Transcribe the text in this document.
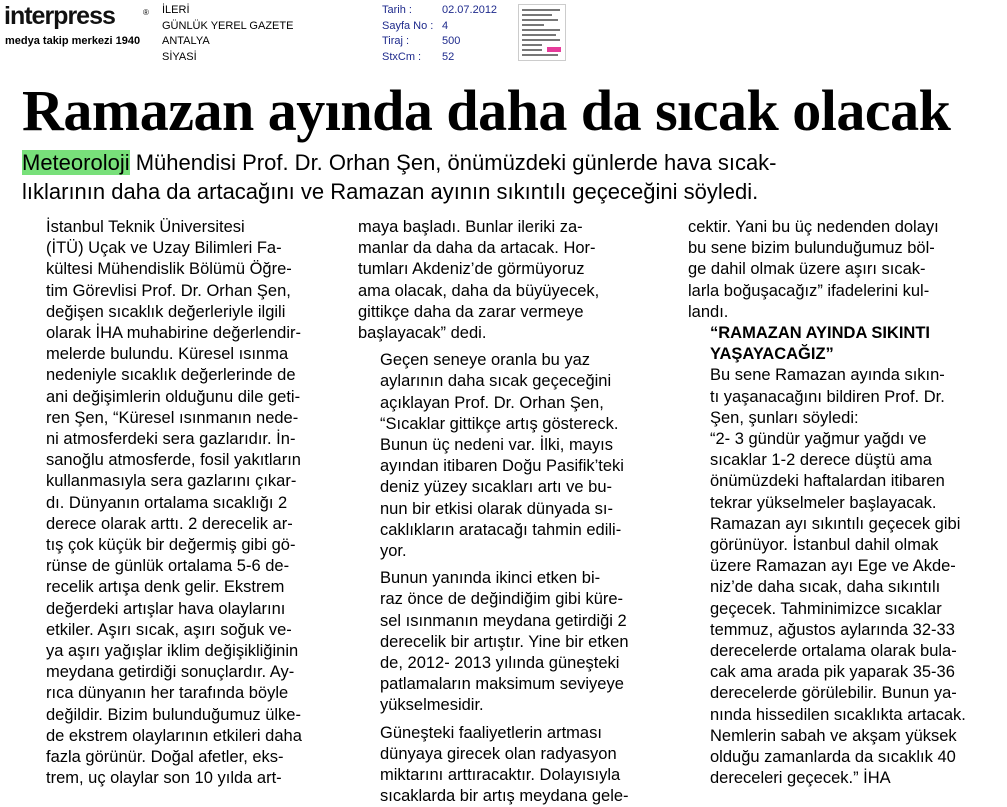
interpress	®
medya takip merkezi 1940
İLERİ
GÜNLÜK YEREL GAZETE
ANTALYA
SİYASİ
Tarih :
Sayfa No :
Tiraj :
StxCm :
02.07.2012
4
500
52
Ramazan ayında daha da sıcak olacak
Meteoroloji Mühendisi Prof. Dr. Orhan Şen, önümüzdeki günlerde hava sıcak-
lıklarının daha da artacağını ve Ramazan ayının sıkıntılı geçeceğini söyledi.

İstanbul Teknik Üniversitesi
(İTÜ) Uçak ve Uzay Bilimleri Fa-
kültesi Mühendislik Bölümü Öğre-
tim Görevlisi Prof. Dr. Orhan Şen,
değişen sıcaklık değerleriyle ilgili
olarak İHA muhabirine değerlendir-
melerde bulundu. Küresel ısınma
nedeniyle sıcaklık değerlerinde de
ani değişimlerin olduğunu dile geti-
ren Şen, “Küresel ısınmanın nede-
ni atmosferdeki sera gazlarıdır. İn-
sanoğlu atmosferde, fosil yakıtların
kullanmasıyla sera gazlarını çıkar-
dı. Dünyanın ortalama sıcaklığı 2
derece olarak arttı. 2 derecelik ar-
tış çok küçük bir değermiş gibi gö-
rünse de günlük ortalama 5-6 de-
recelik artışa denk gelir. Ekstrem
değerdeki artışlar hava olaylarını
etkiler. Aşırı sıcak, aşırı soğuk ve-
ya aşırı yağışlar iklim değişikliğinin
meydana getirdiği sonuçlardır. Ay-
rıca dünyanın her tarafında böyle
değildir. Bizim bulunduğumuz ülke-
de ekstrem olaylarının etkileri daha
fazla görünür. Doğal afetler, eks-
trem, uç olaylar son 10 yılda art-

maya başladı. Bunlar ileriki za-
manlar da daha da artacak. Hor-
tumları Akdeniz’de görmüyoruz
ama olacak, daha da büyüyecek,
gittikçe daha da zarar vermeye
başlayacak” dedi.

Geçen seneye oranla bu yaz
aylarının daha sıcak geçeceğini
açıklayan Prof. Dr. Orhan Şen,
“Sıcaklar gittikçe artış göstereck.
Bunun üç nedeni var. İlki, mayıs
ayından itibaren Doğu Pasifik’teki
deniz yüzey sıcakları artı ve bu-
nun bir etkisi olarak dünyada sı-
caklıkların aratacağı tahmin edili-
yor.

Bunun yanında ikinci etken bi-
raz önce de değindiğim gibi küre-
sel ısınmanın meydana getirdiği 2
derecelik bir artıştır. Yine bir etken
de, 2012- 2013 yılında güneşteki
patlamaların maksimum seviyeye
yükselmesidir.

Güneşteki faaliyetlerin artması
dünyaya girecek olan radyasyon
miktarını arttıracaktır. Dolayısıyla
sıcaklarda bir artış meydana gele-

cektir. Yani bu üç nedenden dolayı
bu sene bizim bulunduğumuz böl-
ge dahil olmak üzere aşırı sıcak-
larla boğuşacağız” ifadelerini kul-
landı.

“RAMAZAN AYINDA SIKINTI
YAŞAYACAĞIZ”

Bu sene Ramazan ayında sıkın-
tı yaşanacağını bildiren Prof. Dr.
Şen, şunları söyledi:

“2- 3 gündür yağmur yağdı ve
sıcaklar 1-2 derece düştü ama
önümüzdeki haftalardan itibaren
tekrar yükselmeler başlayacak.
Ramazan ayı sıkıntılı geçecek gibi
görünüyor. İstanbul dahil olmak
üzere Ramazan ayı Ege ve Akde-
niz’de daha sıcak, daha sıkıntılı
geçecek. Tahminimizce sıcaklar
temmuz, ağustos aylarında 32-33
derecelerde ortalama olarak bula-
cak ama arada pik yaparak 35-36
derecelerde görülebilir. Bunun ya-
nında hissedilen sıcaklıkta artacak.
Nemlerin sabah ve akşam yüksek
olduğu zamanlarda da sıcaklık 40
dereceleri geçecek.” İHA
